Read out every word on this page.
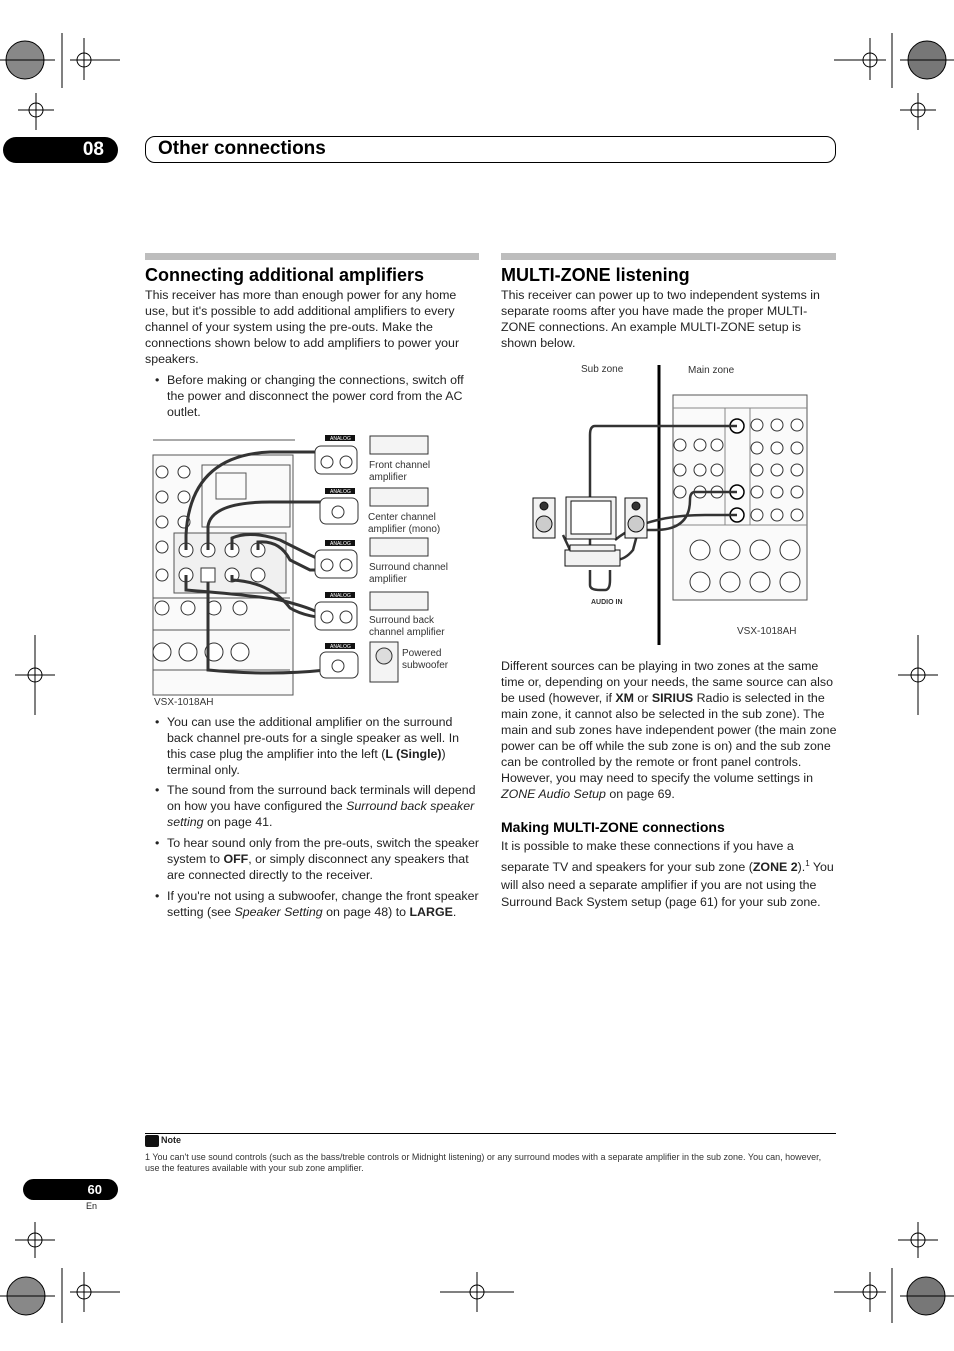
08	Other connections
Connecting additional amplifiers

This receiver has more than enough power for any home use, but it's possible to add additional amplifiers to every channel of your system using the pre-outs. Make the connections shown below to add amplifiers to power your speakers.

• Before making or changing the connections, switch off the power and disconnect the power cord from the AC outlet.
ANALOG
ANALOG
ANALOG
ANALOG
ANALOG
Front channel amplifier
Center channel amplifier (mono)
Surround channel amplifier
Surround back channel amplifier
Powered subwoofer
VSX-1018AH
• You can use the additional amplifier on the surround back channel pre-outs for a single speaker as well. In this case plug the amplifier into the left (L (Single)) terminal only.
• The sound from the surround back terminals will depend on how you have configured the Surround back speaker setting on page 41.
• To hear sound only from the pre-outs, switch the speaker system to OFF, or simply disconnect any speakers that are connected directly to the receiver.
• If you're not using a subwoofer, change the front speaker setting (see Speaker Setting on page 48) to LARGE.
MULTI-ZONE listening

This receiver can power up to two independent systems in separate rooms after you have made the proper MULTI-ZONE connections. An example MULTI-ZONE setup is shown below.

Sub zone	Main zone
AUDIO IN
VSX-1018AH

Different sources can be playing in two zones at the same time or, depending on your needs, the same source can also be used (however, if XM or SIRIUS Radio is selected in the main zone, it cannot also be selected in the sub zone). The main and sub zones have independent power (the main zone power can be off while the sub zone is on) and the sub zone can be controlled by the remote or front panel controls. However, you may need to specify the volume settings in ZONE Audio Setup on page 69.

Making MULTI-ZONE connections

It is possible to make these connections if you have a separate TV and speakers for your sub zone (ZONE 2).$^1$ You will also need a separate amplifier if you are not using the Surround Back System setup (page 61) for your sub zone.

Note
1 You can't use sound controls (such as the bass/treble controls or Midnight listening) or any surround modes with a separate amplifier in the sub zone. You can, however, use the features available with your sub zone amplifier.
60
En
